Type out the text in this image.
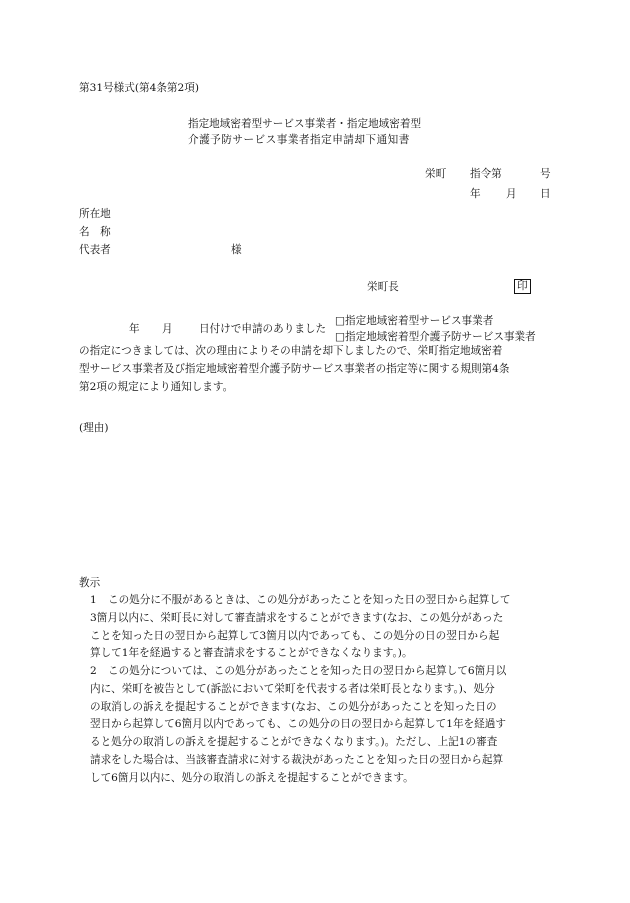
第31号様式(第4条第2項)
指定地域密着型サービス事業者・指定地域密着型
介護予防サービス事業者指定申請却下通知書
栄町 指令第	号
年 月 日
所在地
名　称
代表者	様
栄町長	印
年 月 日付けで申請のありました
□指定地域密着型サービス事業者
□指定地域密着型介護予防サービス事業者

の指定につきましては、次の理由によりその申請を却下しましたので、栄町指定地域密着

型サービス事業者及び指定地域密着型介護予防サービス事業者の指定等に関する規則第4条

第2項の規定により通知します。

(理由)
教示
1 この処分に不服があるときは、この処分があったことを知った日の翌日から起算して
3箇月以内に、栄町長に対して審査請求をすることができます(なお、この処分があった
ことを知った日の翌日から起算して3箇月以内であっても、この処分の日の翌日から起
算して1年を経過すると審査請求をすることができなくなります。)。
2 この処分については、この処分があったことを知った日の翌日から起算して6箇月以
内に、栄町を被告として(訴訟において栄町を代表する者は栄町長となります。)、処分
の取消しの訴えを提起することができます(なお、この処分があったことを知った日の
翌日から起算して6箇月以内であっても、この処分の日の翌日から起算して1年を経過す
ると処分の取消しの訴えを提起することができなくなります。)。ただし、上記1の審査
請求をした場合は、当該審査請求に対する裁決があったことを知った日の翌日から起算
して6箇月以内に、処分の取消しの訴えを提起することができます。
